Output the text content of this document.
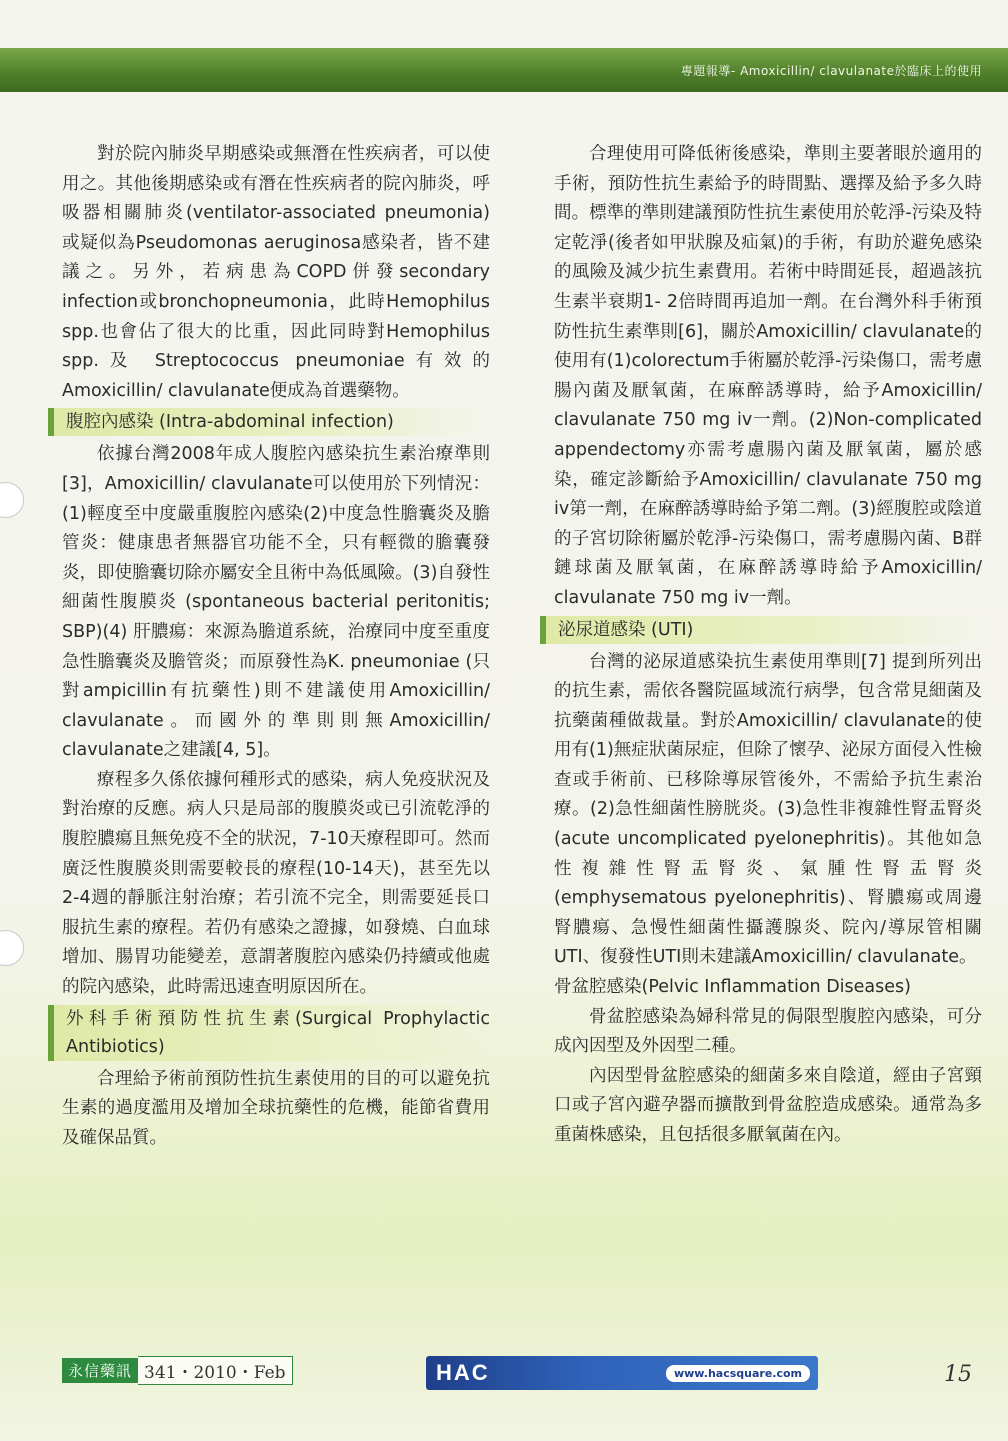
專題報導- Amoxicillin/ clavulanate於臨床上的使用

對於院內肺炎早期感染或無潛在性疾病者，可以使用之。其他後期感染或有潛在性疾病者的院內肺炎，呼吸器相關肺炎(ventilator-associated pneumonia) 或疑似為Pseudomonas aeruginosa感染者，皆不建議之。另外，若病患為COPD併發secondary infection或bronchopneumonia，此時Hemophilus spp.也會佔了很大的比重，因此同時對Hemophilus spp.及 Streptococcus pneumoniae有效的Amoxicillin/ clavulanate便成為首選藥物。

腹腔內感染 (Intra-abdominal infection)

依據台灣2008年成人腹腔內感染抗生素治療準則[3]，Amoxicillin/ clavulanate可以使用於下列情況：(1)輕度至中度嚴重腹腔內感染(2)中度急性膽囊炎及膽管炎：健康患者無器官功能不全，只有輕微的膽囊發炎，即使膽囊切除亦屬安全且術中為低風險。(3)自發性細菌性腹膜炎 (spontaneous bacterial peritonitis; SBP)(4) 肝膿瘍：來源為膽道系統，治療同中度至重度急性膽囊炎及膽管炎；而原發性為K. pneumoniae (只對ampicillin有抗藥性)則不建議使用Amoxicillin/ clavulanate。而國外的準則則無Amoxicillin/ clavulanate之建議[4, 5]。

療程多久係依據何種形式的感染，病人免疫狀況及對治療的反應。病人只是局部的腹膜炎或已引流乾淨的腹腔膿瘍且無免疫不全的狀況，7-10天療程即可。然而廣泛性腹膜炎則需要較長的療程(10-14天)，甚至先以2-4週的靜脈注射治療；若引流不完全，則需要延長口服抗生素的療程。若仍有感染之證據，如發燒、白血球增加、腸胃功能變差，意謂著腹腔內感染仍持續或他處的院內感染，此時需迅速查明原因所在。

外科手術預防性抗生素(Surgical Prophylactic Antibiotics)

合理給予術前預防性抗生素使用的目的可以避免抗生素的過度濫用及增加全球抗藥性的危機，能節省費用及確保品質。

合理使用可降低術後感染，準則主要著眼於適用的手術，預防性抗生素給予的時間點、選擇及給予多久時間。標準的準則建議預防性抗生素使用於乾淨-污染及特定乾淨(後者如甲狀腺及疝氣)的手術，有助於避免感染的風險及減少抗生素費用。若術中時間延長，超過該抗生素半衰期1- 2倍時間再追加一劑。在台灣外科手術預防性抗生素準則[6]，關於Amoxicillin/ clavulanate的使用有(1)colorectum手術屬於乾淨-污染傷口，需考慮腸內菌及厭氧菌，在麻醉誘導時，給予Amoxicillin/ clavulanate 750 mg iv一劑。(2)Non-complicated appendectomy亦需考慮腸內菌及厭氧菌，屬於感染，確定診斷給予Amoxicillin/ clavulanate 750 mg iv第一劑，在麻醉誘導時給予第二劑。(3)經腹腔或陰道的子宮切除術屬於乾淨-污染傷口，需考慮腸內菌、B群鏈球菌及厭氧菌，在麻醉誘導時給予Amoxicillin/ clavulanate 750 mg iv一劑。

泌尿道感染 (UTI)

台灣的泌尿道感染抗生素使用準則[7] 提到所列出的抗生素，需依各醫院區域流行病學，包含常見細菌及抗藥菌種做裁量。對於Amoxicillin/ clavulanate的使用有(1)無症狀菌尿症，但除了懷孕、泌尿方面侵入性檢查或手術前、已移除導尿管後外，不需給予抗生素治療。(2)急性細菌性膀胱炎。(3)急性非複雜性腎盂腎炎(acute uncomplicated pyelonephritis)。其他如急性複雜性腎盂腎炎、氣腫性腎盂腎炎(emphysematous pyelonephritis)、腎膿瘍或周邊腎膿瘍、急慢性細菌性攝護腺炎、院內/導尿管相關UTI、復發性UTI則未建議Amoxicillin/ clavulanate。

骨盆腔感染(Pelvic Inflammation Diseases)

骨盆腔感染為婦科常見的侷限型腹腔內感染，可分成內因型及外因型二種。

內因型骨盆腔感染的細菌多來自陰道，經由子宮頸口或子宮內避孕器而擴散到骨盆腔造成感染。通常為多重菌株感染，且包括很多厭氧菌在內。

永信藥訊 341・2010・Feb	HAC	www.hacsquare.com	15
